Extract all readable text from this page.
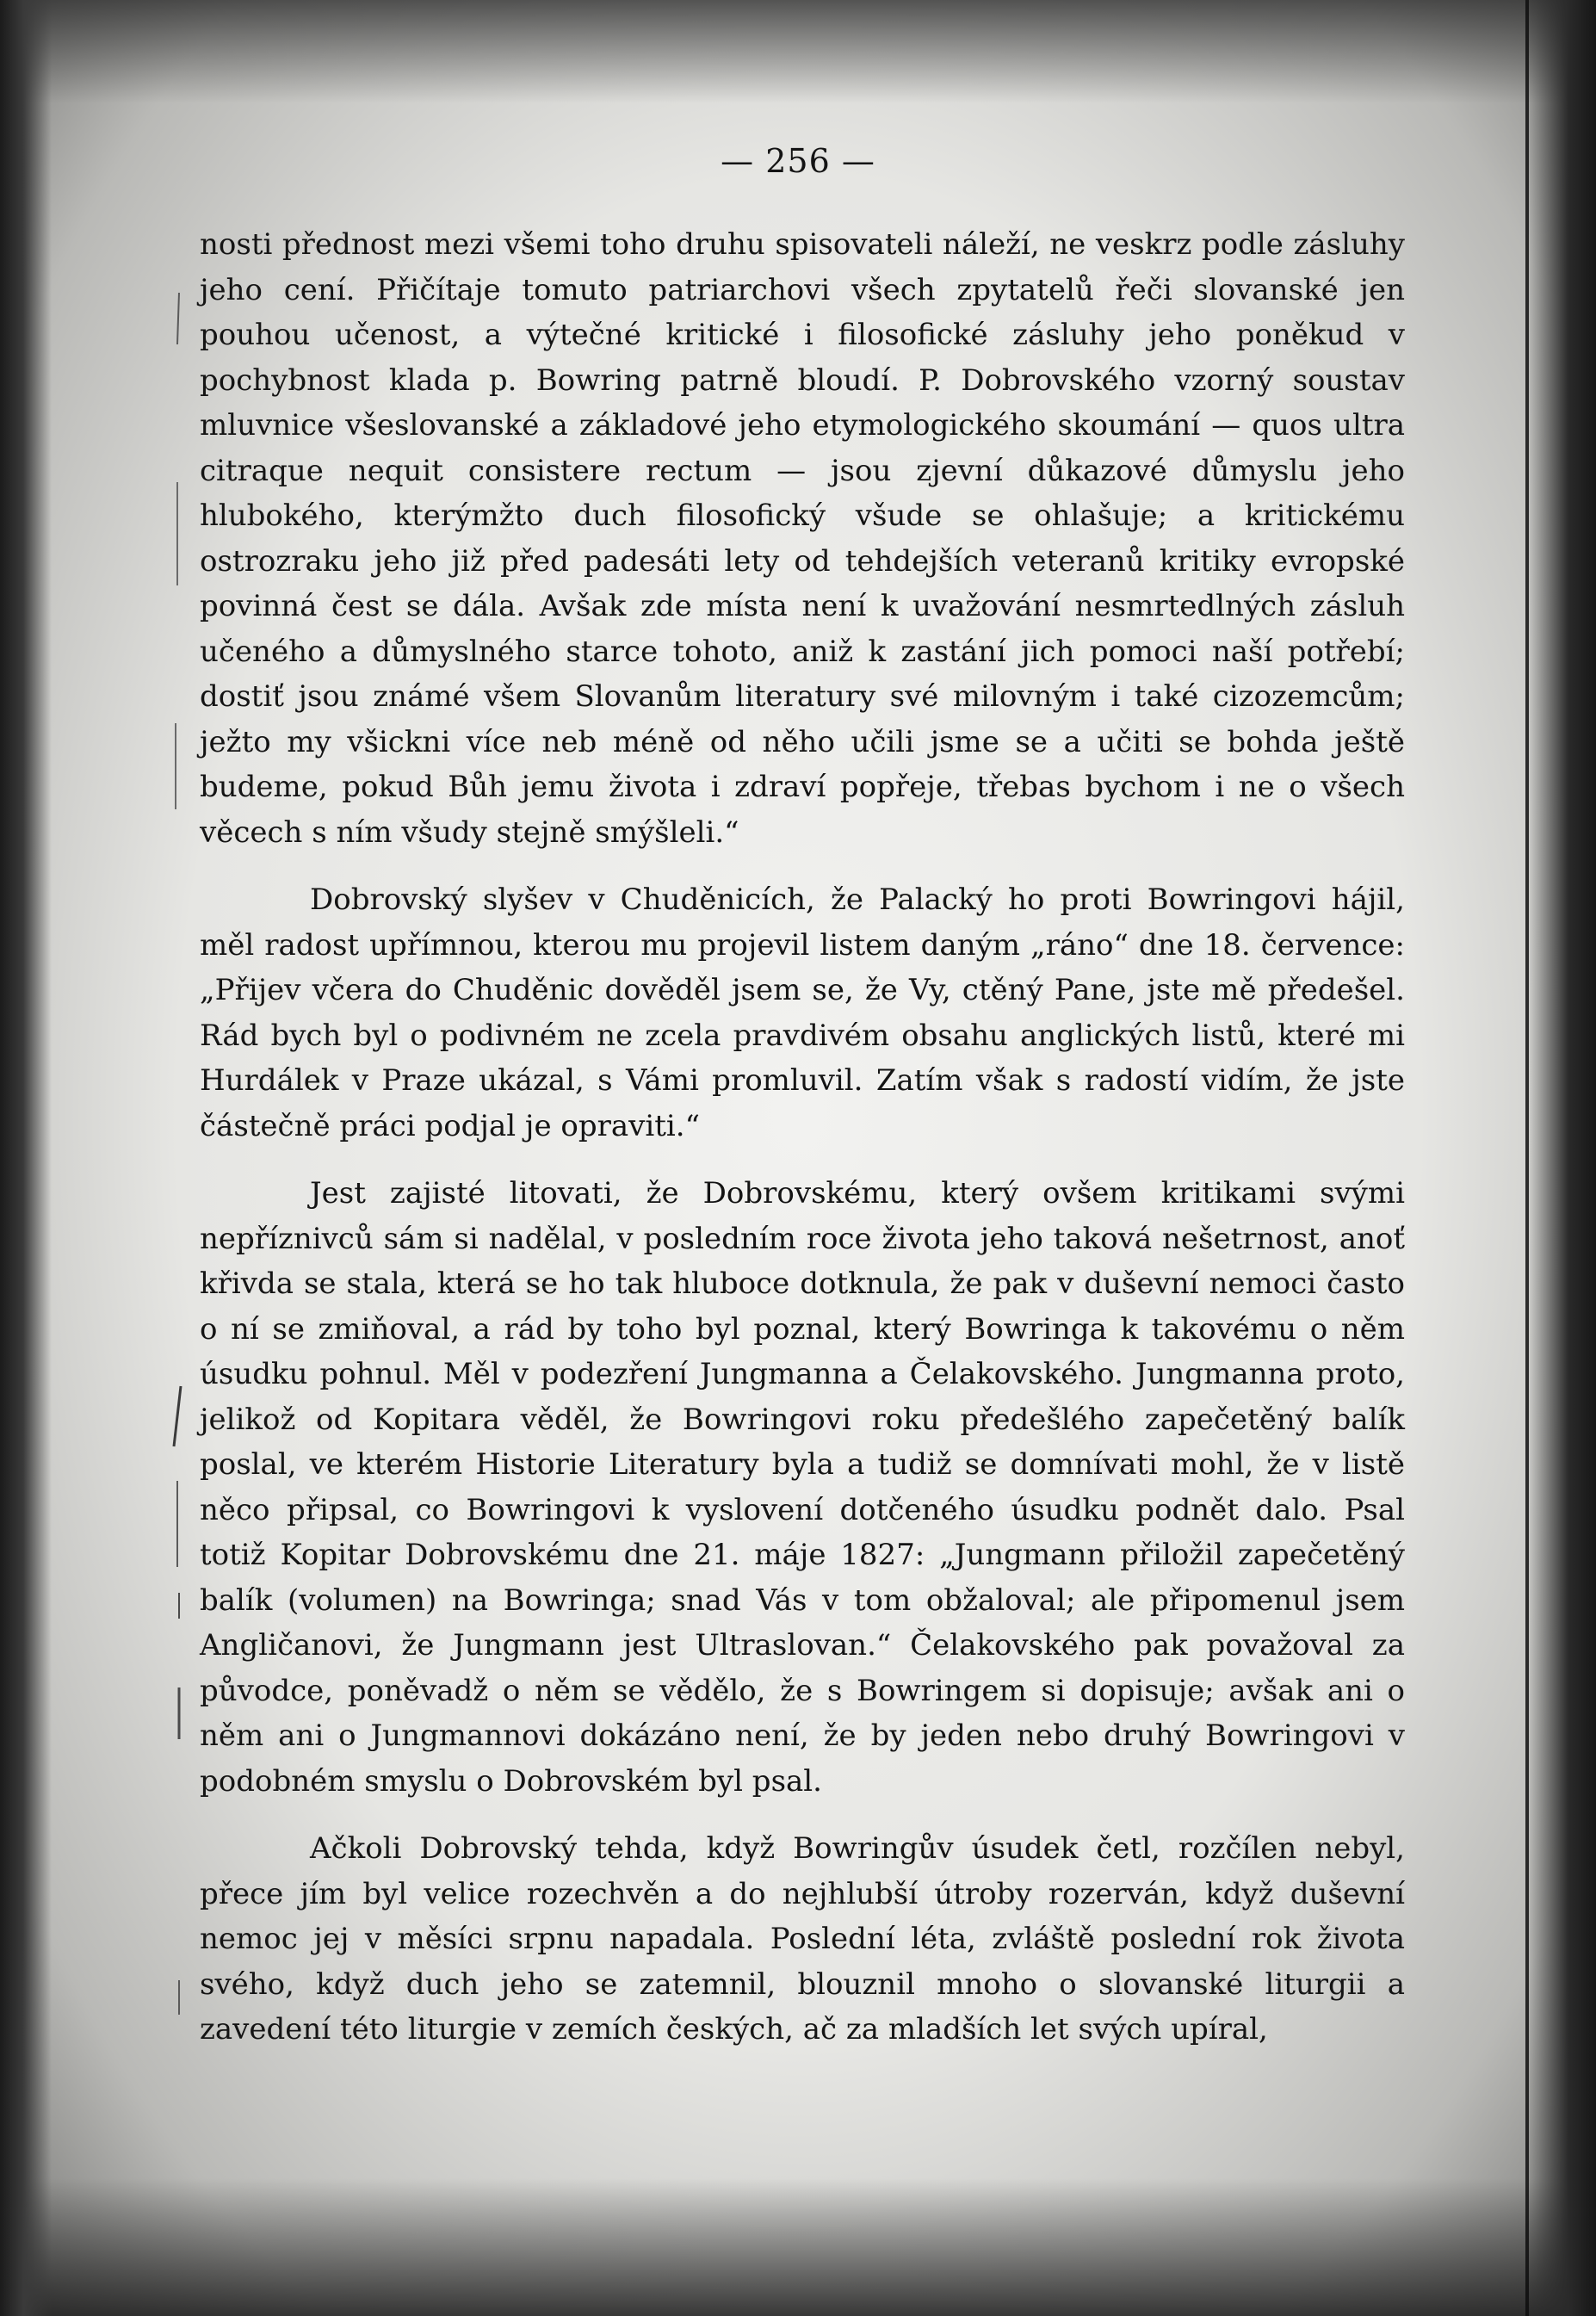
— 256 —

nosti přednost mezi všemi toho druhu spisovateli náleží, ne veskrz podle zásluhy jeho cení. Přičítaje tomuto patriarchovi všech zpytatelů řeči slovanské jen pouhou učenost, a výtečné kritické i filosofické zásluhy jeho poněkud v pochybnost klada p. Bowring patrně bloudí. P. Dobrovského vzorný soustav mluvnice všeslovanské a základové jeho etymologického skoumání — quos ultra citraque nequit consistere rectum — jsou zjevní důkazové důmyslu jeho hlubokého, kterýmžto duch filosofický všude se ohlašuje; a kritickému ostrozraku jeho již před padesáti lety od tehdejších veteranů kritiky evropské povinná čest se dála. Avšak zde místa není k uvažování nesmrtedlných zásluh učeného a důmyslného starce tohoto, aniž k zastání jich pomoci naší potřebí; dostiť jsou známé všem Slovanům literatury své milovným i také cizozemcům; ježto my všickni více neb méně od něho učili jsme se a učiti se bohda ještě budeme, pokud Bůh jemu života i zdraví popřeje, třebas bychom i ne o všech věcech s ním všudy stejně smýšleli.“

Dobrovský slyšev v Chuděnicích, že Palacký ho proti Bowringovi hájil, měl radost upřímnou, kterou mu projevil listem daným „ráno“ dne 18. července: „Přijev včera do Chuděnic dověděl jsem se, že Vy, ctěný Pane, jste mě předešel. Rád bych byl o podivném ne zcela pravdivém obsahu anglických listů, které mi Hurdálek v Praze ukázal, s Vámi promluvil. Zatím však s radostí vidím, že jste částečně práci podjal je opraviti.“

Jest zajisté litovati, že Dobrovskému, který ovšem kritikami svými nepříznivců sám si nadělal, v posledním roce života jeho taková nešetrnost, anoť křivda se stala, která se ho tak hluboce dotknula, že pak v duševní nemoci často o ní se zmiňoval, a rád by toho byl poznal, který Bowringa k takovému o něm úsudku pohnul. Měl v podezření Jungmanna a Čelakovského. Jungmanna proto, jelikož od Kopitara věděl, že Bowringovi roku předešlého zapečetěný balík poslal, ve kterém Historie Literatury byla a tudiž se domnívati mohl, že v listě něco připsal, co Bowringovi k vyslovení dotčeného úsudku podnět dalo. Psal totiž Kopitar Dobrovskému dne 21. máje 1827: „Jungmann přiložil zapečetěný balík (volumen) na Bowringa; snad Vás v tom obžaloval; ale připomenul jsem Angličanovi, že Jungmann jest Ultraslovan.“ Čelakovského pak považoval za původce, poněvadž o něm se vědělo, že s Bowringem si dopisuje; avšak ani o něm ani o Jungmannovi dokázáno není, že by jeden nebo druhý Bowringovi v podobném smyslu o Dobrovském byl psal.

Ačkoli Dobrovský tehda, když Bowringův úsudek četl, rozčílen nebyl, přece jím byl velice rozechvěn a do nejhlubší útroby rozerván, když duševní nemoc jej v měsíci srpnu napadala. Poslední léta, zvláště poslední rok života svého, když duch jeho se zatemnil, blouznil mnoho o slovanské liturgii a zavedení této liturgie v zemích českých, ač za mladších let svých upíral,
